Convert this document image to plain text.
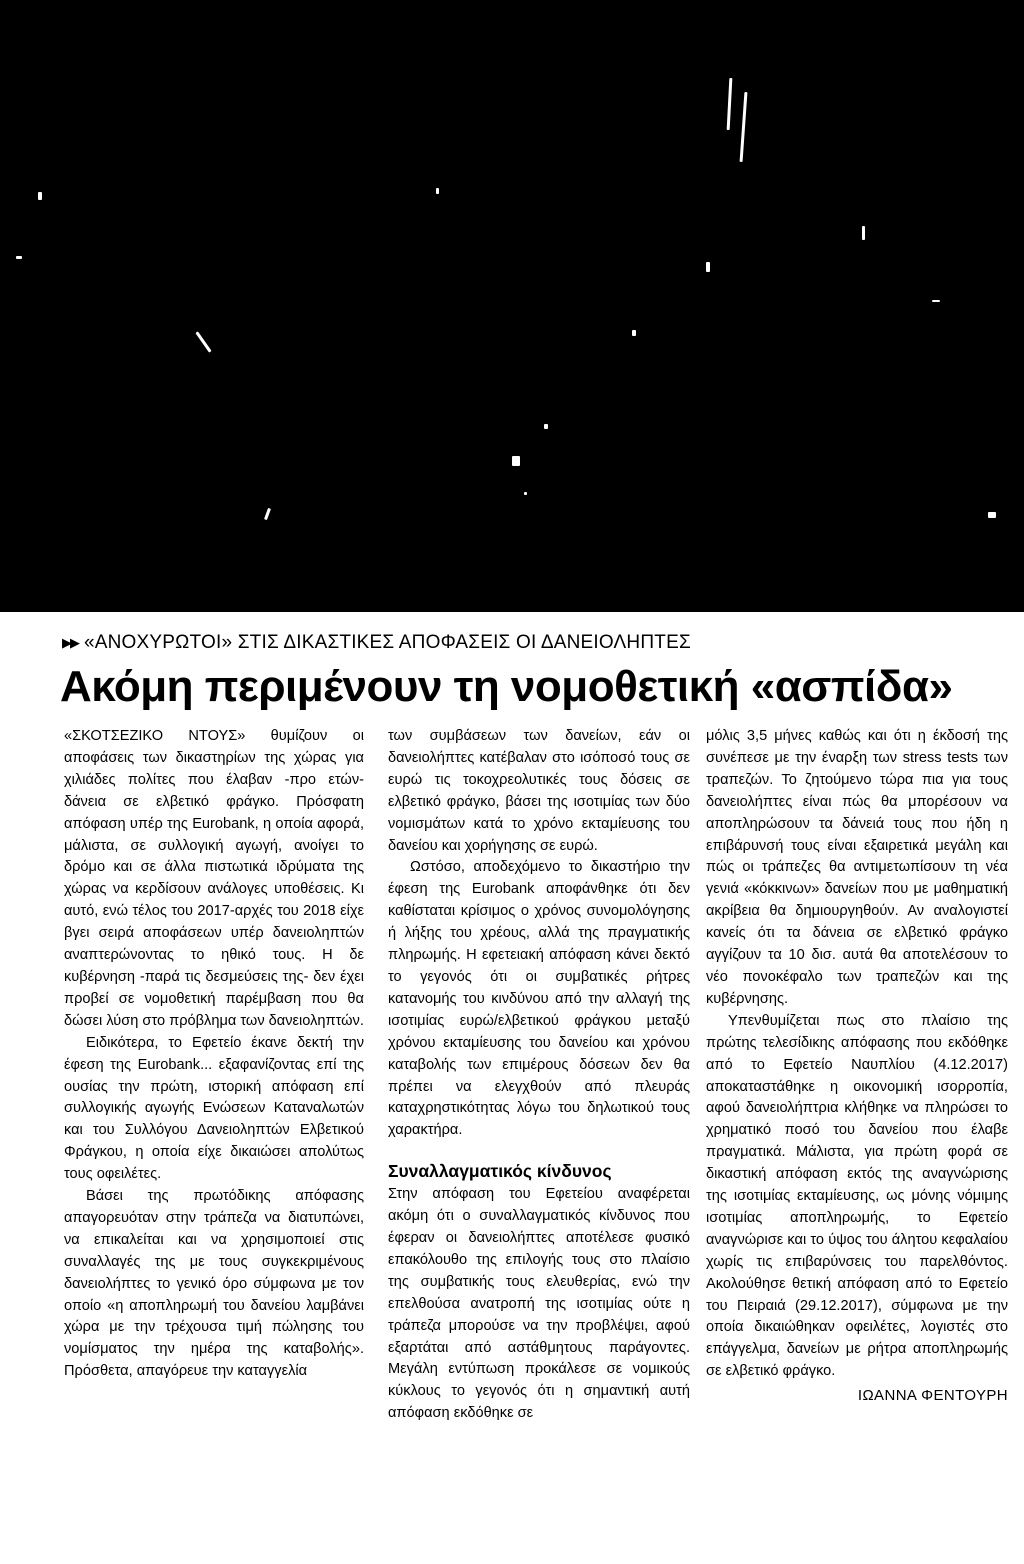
▶▶ «ΑΝΟΧΥΡΩΤΟΙ» ΣΤΙΣ ΔΙΚΑΣΤΙΚΕΣ ΑΠΟΦΑΣΕΙΣ ΟΙ ΔΑΝΕΙΟΛΗΠΤΕΣ
Ακόμη περιμένουν τη νομοθετική «ασπίδα»

«ΣΚΟΤΣΕΖΙΚΟ ΝΤΟΥΣ» θυμίζουν οι αποφάσεις των δικαστηρίων της χώρας για χιλιάδες πολίτες που έλαβαν -προ ετών- δάνεια σε ελβετικό φράγκο. Πρόσφατη απόφαση υπέρ της Eurobank, η οποία αφορά, μάλιστα, σε συλλογική αγωγή, ανοίγει το δρόμο και σε άλλα πιστωτικά ιδρύματα της χώρας να κερδίσουν ανάλογες υποθέσεις. Κι αυτό, ενώ τέλος του 2017-αρχές του 2018 είχε βγει σειρά αποφάσεων υπέρ δανειοληπτών αναπτερώνοντας το ηθικό τους. Η δε κυβέρνηση -παρά τις δεσμεύσεις της- δεν έχει προβεί σε νομοθετική παρέμβαση που θα δώσει λύση στο πρόβλημα των δανειοληπτών.

Ειδικότερα, το Εφετείο έκανε δεκτή την έφεση της Eurobank... εξαφανίζοντας επί της ουσίας την πρώτη, ιστορική απόφαση επί συλλογικής αγωγής Ενώσεων Καταναλωτών και του Συλλόγου Δανειοληπτών Ελβετικού Φράγκου, η οποία είχε δικαιώσει απολύτως τους οφειλέτες.

Βάσει της πρωτόδικης απόφασης απαγορευόταν στην τράπεζα να διατυπώνει, να επικαλείται και να χρησιμοποιεί στις συναλλαγές της με τους συγκεκριμένους δανειολήπτες το γενικό όρο σύμφωνα με τον οποίο «η αποπληρωμή του δανείου λαμβάνει χώρα με την τρέχουσα τιμή πώλησης του νομίσματος την ημέρα της καταβολής». Πρόσθετα, απαγόρευε την καταγγελία

των συμβάσεων των δανείων, εάν οι δανειολήπτες κατέβαλαν στο ισόποσό τους σε ευρώ τις τοκοχρεολυτικές τους δόσεις σε ελβετικό φράγκο, βάσει της ισοτιμίας των δύο νομισμάτων κατά το χρόνο εκταμίευσης του δανείου και χορήγησης σε ευρώ.

Ωστόσο, αποδεχόμενο το δικαστήριο την έφεση της Eurobank αποφάνθηκε ότι δεν καθίσταται κρίσιμος ο χρόνος συνομολόγησης ή λήξης του χρέους, αλλά της πραγματικής πληρωμής. Η εφετειακή απόφαση κάνει δεκτό το γεγονός ότι οι συμβατικές ρήτρες κατανομής του κινδύνου από την αλλαγή της ισοτιμίας ευρώ/ελβετικού φράγκου μεταξύ χρόνου εκταμίευσης του δανείου και χρόνου καταβολής των επιμέρους δόσεων δεν θα πρέπει να ελεγχθούν από πλευράς καταχρηστικότητας λόγω του δηλωτικού τους χαρακτήρα.

Συναλλαγματικός κίνδυνος

Στην απόφαση του Εφετείου αναφέρεται ακόμη ότι ο συναλλαγματικός κίνδυνος που έφεραν οι δανειολήπτες αποτέλεσε φυσικό επακόλουθο της επιλογής τους στο πλαίσιο της συμβατικής τους ελευθερίας, ενώ την επελθούσα ανατροπή της ισοτιμίας ούτε η τράπεζα μπορούσε να την προβλέψει, αφού εξαρτάται από αστάθμητους παράγοντες. Μεγάλη εντύπωση προκάλεσε σε νομικούς κύκλους το γεγονός ότι η σημαντική αυτή απόφαση εκδόθηκε σε

μόλις 3,5 μήνες καθώς και ότι η έκδοσή της συνέπεσε με την έναρξη των stress tests των τραπεζών. Το ζητούμενο τώρα πια για τους δανειολήπτες είναι πώς θα μπορέσουν να αποπληρώσουν τα δάνειά τους που ήδη η επιβάρυνσή τους είναι εξαιρετικά μεγάλη και πώς οι τράπεζες θα αντιμετωπίσουν τη νέα γενιά «κόκκινων» δανείων που με μαθηματική ακρίβεια θα δημιουργηθούν. Αν αναλογιστεί κανείς ότι τα δάνεια σε ελβετικό φράγκο αγγίζουν τα 10 δισ. αυτά θα αποτελέσουν το νέο πονοκέφαλο των τραπεζών και της κυβέρνησης.

Υπενθυμίζεται πως στο πλαίσιο της πρώτης τελεσίδικης απόφασης που εκδόθηκε από το Εφετείο Ναυπλίου (4.12.2017) αποκαταστάθηκε η οικονομική ισορροπία, αφού δανειολήπτρια κλήθηκε να πληρώσει το χρηματικό ποσό του δανείου που έλαβε πραγματικά. Μάλιστα, για πρώτη φορά σε δικαστική απόφαση εκτός της αναγνώρισης της ισοτιμίας εκταμίευσης, ως μόνης νόμιμης ισοτιμίας αποπληρωμής, το Εφετείο αναγνώρισε και το ύψος του άλητου κεφαλαίου χωρίς τις επιβαρύνσεις του παρελθόντος. Ακολούθησε θετική απόφαση από το Εφετείο του Πειραιά (29.12.2017), σύμφωνα με την οποία δικαιώθηκαν οφειλέτες, λογιστές στο επάγγελμα, δανείων με ρήτρα αποπληρωμής σε ελβετικό φράγκο.

ΙΩΑΝΝΑ ΦΕΝΤΟΥΡΗ
